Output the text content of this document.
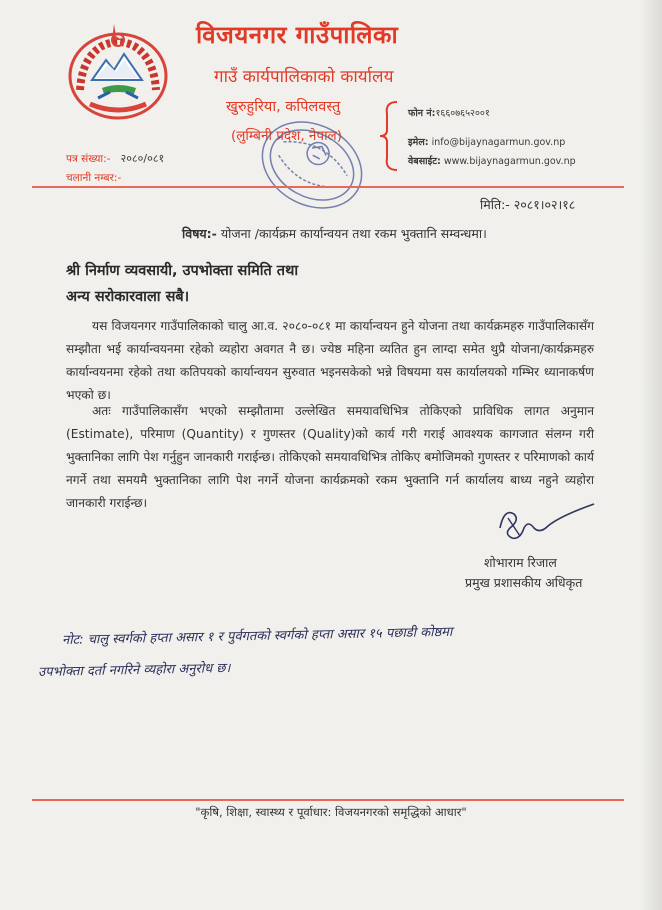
विजयनगर गाउँपालिका
गाउँ कार्यपालिकाको कार्यालय
खुरुहुरिया, कपिलवस्तु
(लुम्बिनी प्रदेश, नेपाल)
फोन नं:१६६०७६५२००१
इमेल: info@bijaynagarmun.gov.np
वेबसाईट: www.bijaynagarmun.gov.np
पत्र संख्या:- २०८०/०८१
चलानी नम्बर:-
मिति:- २०८१।०२।१८
विषय:- योजना /कार्यक्रम कार्यान्वयन तथा रकम भुक्तानि सम्वन्धमा।
श्री निर्माण व्यवसायी, उपभोक्ता समिति तथा
अन्य सरोकारवाला सबै।
यस विजयनगर गाउँपालिकाको चालु आ.व. २०८०-०८१ मा कार्यान्वयन हुने योजना तथा कार्यक्रमहरु गाउँपालिकासँग सम्झौता भई कार्यान्वयनमा रहेको व्यहोरा अवगत नै छ। ज्येष्ठ महिना व्यतित हुन लाग्दा समेत थुप्रै योजना/कार्यक्रमहरु कार्यान्वयनमा रहेको तथा कतिपयको कार्यान्वयन सुरुवात भइनसकेको भन्ने विषयमा यस कार्यालयको गम्भिर ध्यानाकर्षण भएको छ।
अतः गाउँपालिकासँग भएको सम्झौतामा उल्लेखित समयावधिभित्र तोकिएको प्राविधिक लागत अनुमान (Estimate), परिमाण (Quantity) र गुणस्तर (Quality)को कार्य गरी गराई आवश्यक कागजात संलग्न गरी भुक्तानिका लागि पेश गर्नुहुन जानकारी गराईन्छ। तोकिएको समयावधिभित्र तोकिए बमोजिमको गुणस्तर र परिमाणको कार्य नगर्ने तथा समयमै भुक्तानिका लागि पेश नगर्ने योजना कार्यक्रमको रकम भुक्तानि गर्न कार्यालय बाध्य नहुने व्यहोरा जानकारी गराईन्छ।
शोभाराम रिजाल
प्रमुख प्रशासकीय अधिकृत
नोट: चालु स्वर्गको हप्ता असार १ र पुर्वगतको स्वर्गको हप्ता असार १५ पछाडी कोष्ठमा
उपभोक्ता दर्ता नगरिने व्यहोरा अनुरोध छ।
"कृषि, शिक्षा, स्वास्थ्य र पूर्वाधार: विजयनगरको समृद्धिको आधार"
